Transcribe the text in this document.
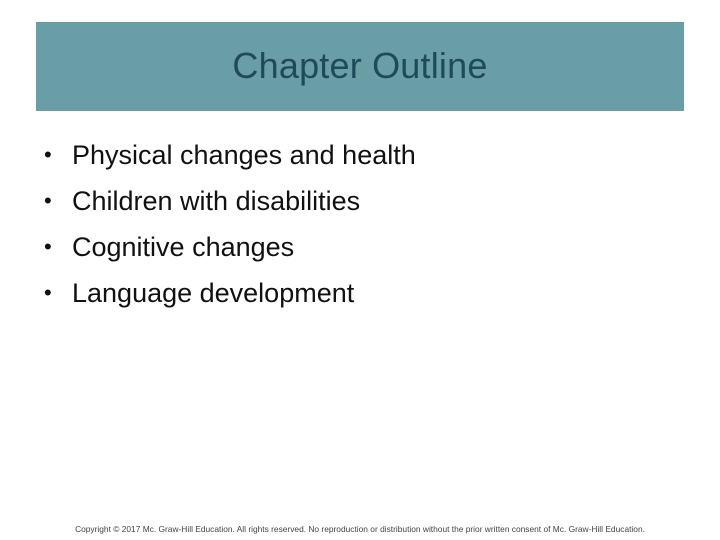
Chapter Outline
• Physical changes and health
• Children with disabilities
• Cognitive changes
• Language development
Copyright © 2017 Mc. Graw-Hill Education. All rights reserved. No reproduction or distribution without the prior written consent of Mc. Graw-Hill Education.
